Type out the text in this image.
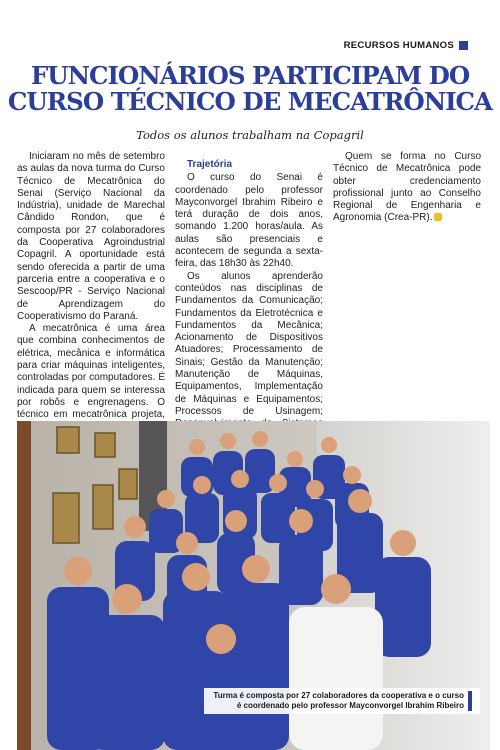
RECURSOS HUMANOS
FUNCIONÁRIOS PARTICIPAM DO
CURSO TÉCNICO DE MECATRÔNICA

Todos os alunos trabalham na Copagril

Iniciaram no mês de setembro as aulas da nova turma do Curso Técnico de Mecatrônica do Senai (Serviço Nacional da Indústria), unidade de Marechal Cândido Rondon, que é composta por 27 colaboradores da Cooperativa Agroindustrial Copagril. A oportunidade está sendo oferecida a partir de uma parceria entre a cooperativa e o Sescoop/PR - Serviço Nacional de Aprendizagem do Cooperativismo do Paraná.

A mecatrônica é uma área que combina conhecimentos de elétrica, mecânica e informática para criar máquinas inteligentes, controladas por computadores. É indicada para quem se interessa por robôs e engrenagens. O técnico em mecatrônica projeta,

Trajetória

O curso do Senai é coordenado pelo professor Mayconvorgel Ibrahim Ribeiro e terá duração de dois anos, somando 1.200 horas/aula. As aulas são presenciais e acontecem de segunda a sexta-feira, das 18h30 às 22h40.

Os alunos aprenderão conteúdos nas disciplinas de Fundamentos da Comunicação; Fundamentos da Eletrotécnica e Fundamentos da Mecânica; Acionamento de Dispositivos Atuadores; Processamento de Sinais; Gestão da Manutenção; Manutenção de Máquinas, Equipamentos, Implementação de Máquinas e Equipamentos; Processos de Usinagem;

Quem se forma no Curso Técnico de Mecatrônica pode obter credenciamento profissional junto ao Conselho Regional de Engenharia e Agronomia (Crea-PR).

Turma é composta por 27 colaboradores da cooperativa e o curso é coordenado pelo professor Mayconvorgel Ibrahim Ribeiro
